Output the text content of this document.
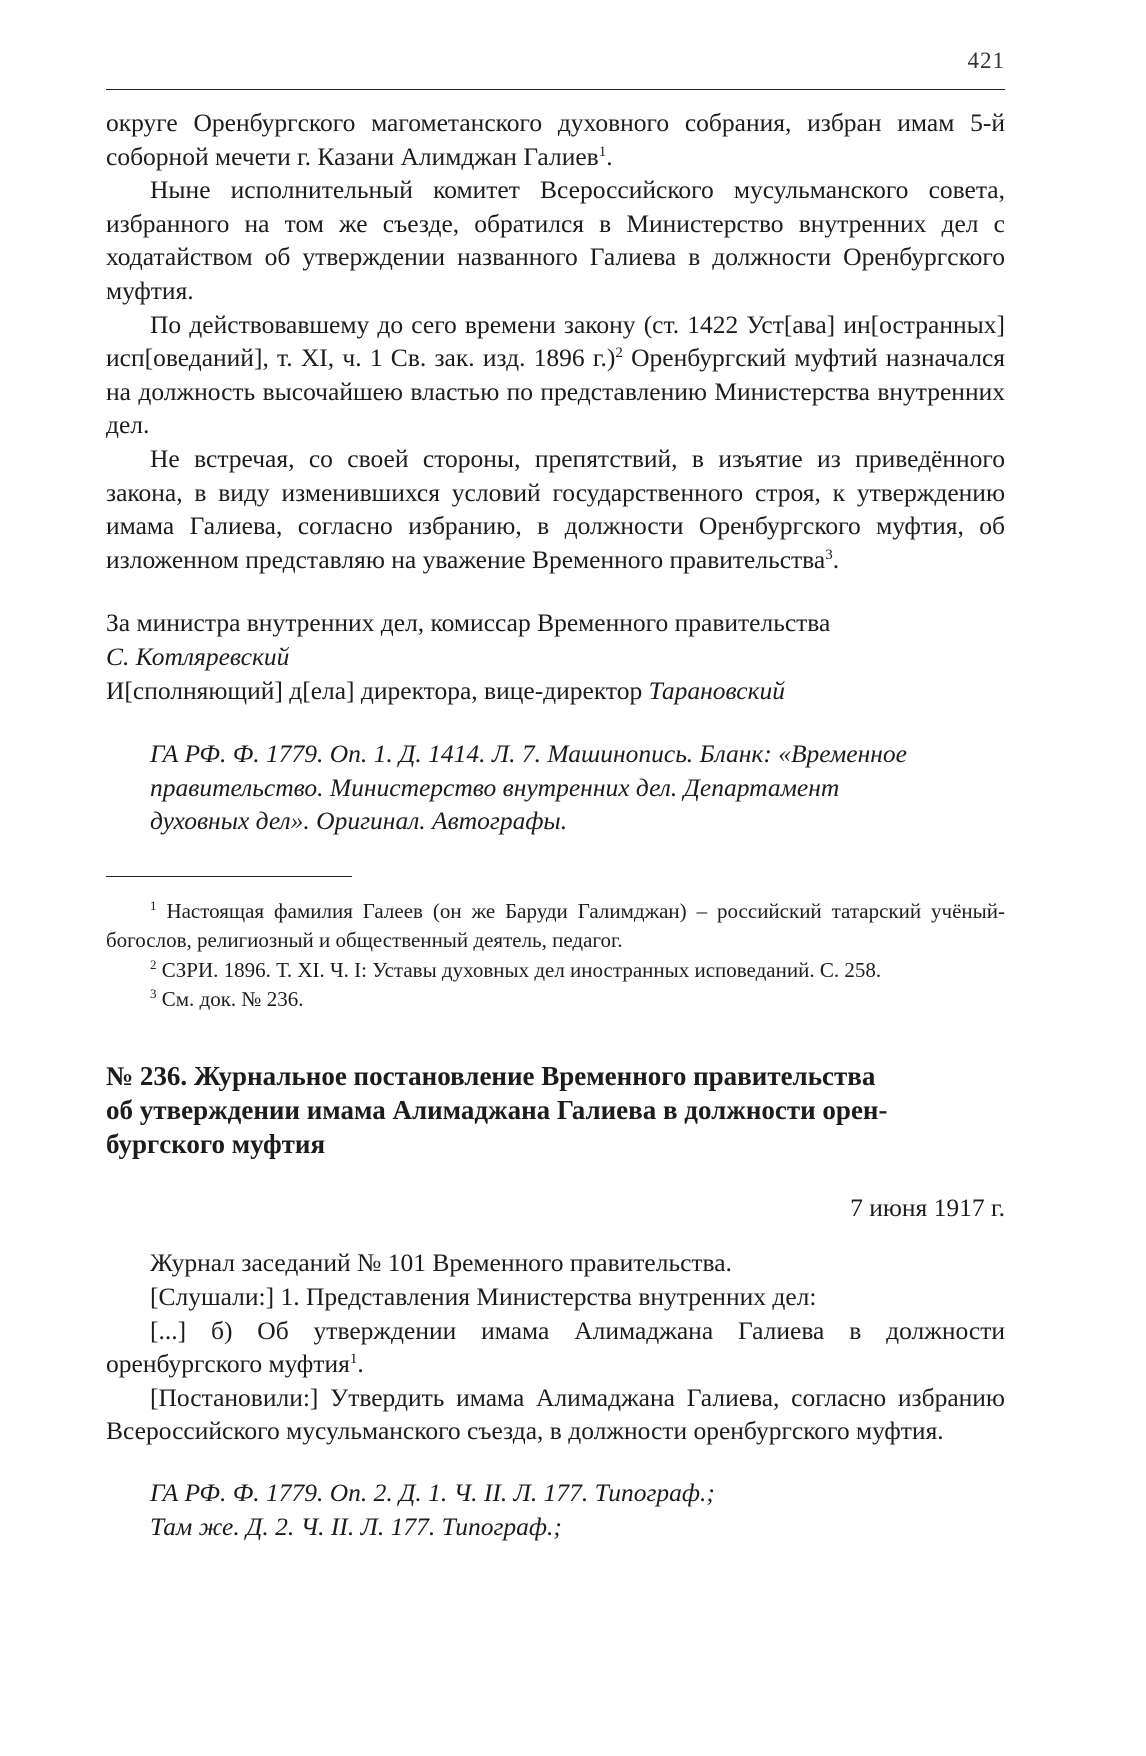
421

округе Оренбургского магометанского духовного собрания, избран имам 5-й соборной мечети г. Казани Алимджан Галиев$^1$.

Ныне исполнительный комитет Всероссийского мусульманского совета, избранного на том же съезде, обратился в Министерство внутренних дел с ходатайством об утверждении названного Галиева в должности Оренбургского муфтия.

По действовавшему до сего времени закону (ст. 1422 Уст[ава] ин[остранных] исп[оведаний], т. XI, ч. 1 Св. зак. изд. 1896 г.)$^2$ Оренбургский муфтий назначался на должность высочайшею властью по представлению Министерства внутренних дел.

Не встречая, со своей стороны, препятствий, в изъятие из приведённого закона, в виду изменившихся условий государственного строя, к утверждению имама Галиева, согласно избранию, в должности Оренбургского муфтия, об изложенном представляю на уважение Временного правительства$^3$.

За министра внутренних дел, комиссар Временного правительства

С. Котляревский

И[сполняющий] д[ела] директора, вице-директор Тарановский

ГА РФ. Ф. 1779. Оп. 1. Д. 1414. Л. 7. Машинопись. Бланк: «Временное

правительство. Министерство внутренних дел. Департамент

духовных дел». Оригинал. Автографы.

$^1$ Настоящая фамилия Галеев (он же Баруди Галимджан) – российский татарский учёный-богослов, религиозный и общественный деятель, педагог.

$^2$ СЗРИ. 1896. Т. XI. Ч. I: Уставы духовных дел иностранных исповеданий. С. 258.

$^3$ См. док. № 236.

№ 236. Журнальное постановление Временного правительства
об утверждении имама Алимаджана Галиева в должности орен-
бургского муфтия
7 июня 1917 г.

Журнал заседаний № 101 Временного правительства.

[Слушали:] 1. Представления Министерства внутренних дел:

[...] б) Об утверждении имама Алимаджана Галиева в должности оренбургского муфтия$^1$.

[Постановили:] Утвердить имама Алимаджана Галиева, согласно избранию Всероссийского мусульманского съезда, в должности оренбургского муфтия.

ГА РФ. Ф. 1779. Оп. 2. Д. 1. Ч. II. Л. 177. Типограф.;

Там же. Д. 2. Ч. II. Л. 177. Типограф.;
